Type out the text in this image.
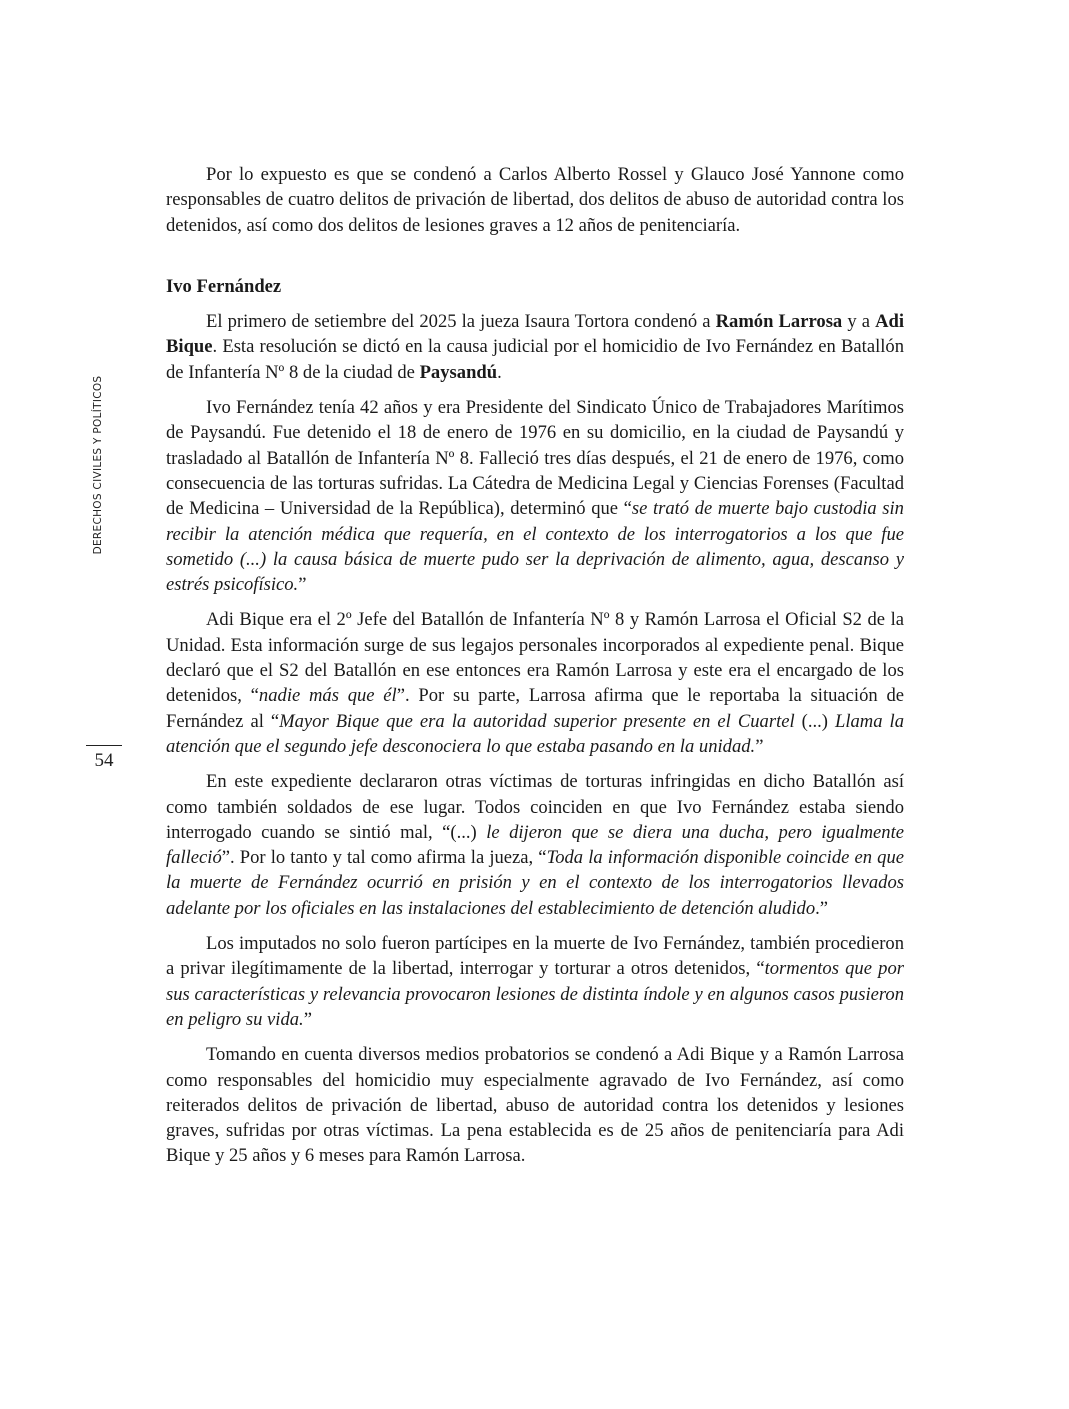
DERECHOS CIVILES Y POLÍTICOS
54

Por lo expuesto es que se condenó a Carlos Alberto Rossel y Glauco José Yannone como responsables de cuatro delitos de privación de libertad, dos delitos de abuso de autoridad contra los detenidos, así como dos delitos de lesiones graves a 12 años de penitenciaría.

Ivo Fernández

El primero de setiembre del 2025 la jueza Isaura Tortora condenó a Ramón Larrosa y a Adi Bique. Esta resolución se dictó en la causa judicial por el homicidio de Ivo Fernández en Batallón de Infantería Nº 8 de la ciudad de Paysandú.

Ivo Fernández tenía 42 años y era Presidente del Sindicato Único de Trabajadores Marítimos de Paysandú. Fue detenido el 18 de enero de 1976 en su domicilio, en la ciudad de Paysandú y trasladado al Batallón de Infantería Nº 8. Falleció tres días después, el 21 de enero de 1976, como consecuencia de las torturas sufridas. La Cátedra de Medicina Legal y Ciencias Forenses (Facultad de Medicina – Universidad de la República), determinó que “se trató de muerte bajo custodia sin recibir la atención médica que requería, en el contexto de los interrogatorios a los que fue sometido (...) la causa básica de muerte pudo ser la deprivación de alimento, agua, descanso y estrés psicofísico.”

Adi Bique era el 2º Jefe del Batallón de Infantería Nº 8 y Ramón Larrosa el Oficial S2 de la Unidad. Esta información surge de sus legajos personales incorporados al expediente penal. Bique declaró que el S2 del Batallón en ese entonces era Ramón Larrosa y este era el encargado de los detenidos, “nadie más que él”. Por su parte, Larrosa afirma que le reportaba la situación de Fernández al “Mayor Bique que era la autoridad superior presente en el Cuartel (...) Llama la atención que el segundo jefe desconociera lo que estaba pasando en la unidad.”

En este expediente declararon otras víctimas de torturas infringidas en dicho Batallón así como también soldados de ese lugar. Todos coinciden en que Ivo Fernández estaba siendo interrogado cuando se sintió mal, “(...) le dijeron que se diera una ducha, pero igualmente falleció”. Por lo tanto y tal como afirma la jueza, “Toda la información disponible coincide en que la muerte de Fernández ocurrió en prisión y en el contexto de los interrogatorios llevados adelante por los oficiales en las instalaciones del establecimiento de detención aludido.”

Los imputados no solo fueron partícipes en la muerte de Ivo Fernández, también procedieron a privar ilegítimamente de la libertad, interrogar y torturar a otros detenidos, “tormentos que por sus características y relevancia provocaron lesiones de distinta índole y en algunos casos pusieron en peligro su vida.”

Tomando en cuenta diversos medios probatorios se condenó a Adi Bique y a Ramón Larrosa como responsables del homicidio muy especialmente agravado de Ivo Fernández, así como reiterados delitos de privación de libertad, abuso de autoridad contra los detenidos y lesiones graves, sufridas por otras víctimas. La pena establecida es de 25 años de penitenciaría para Adi Bique y 25 años y 6 meses para Ramón Larrosa.
